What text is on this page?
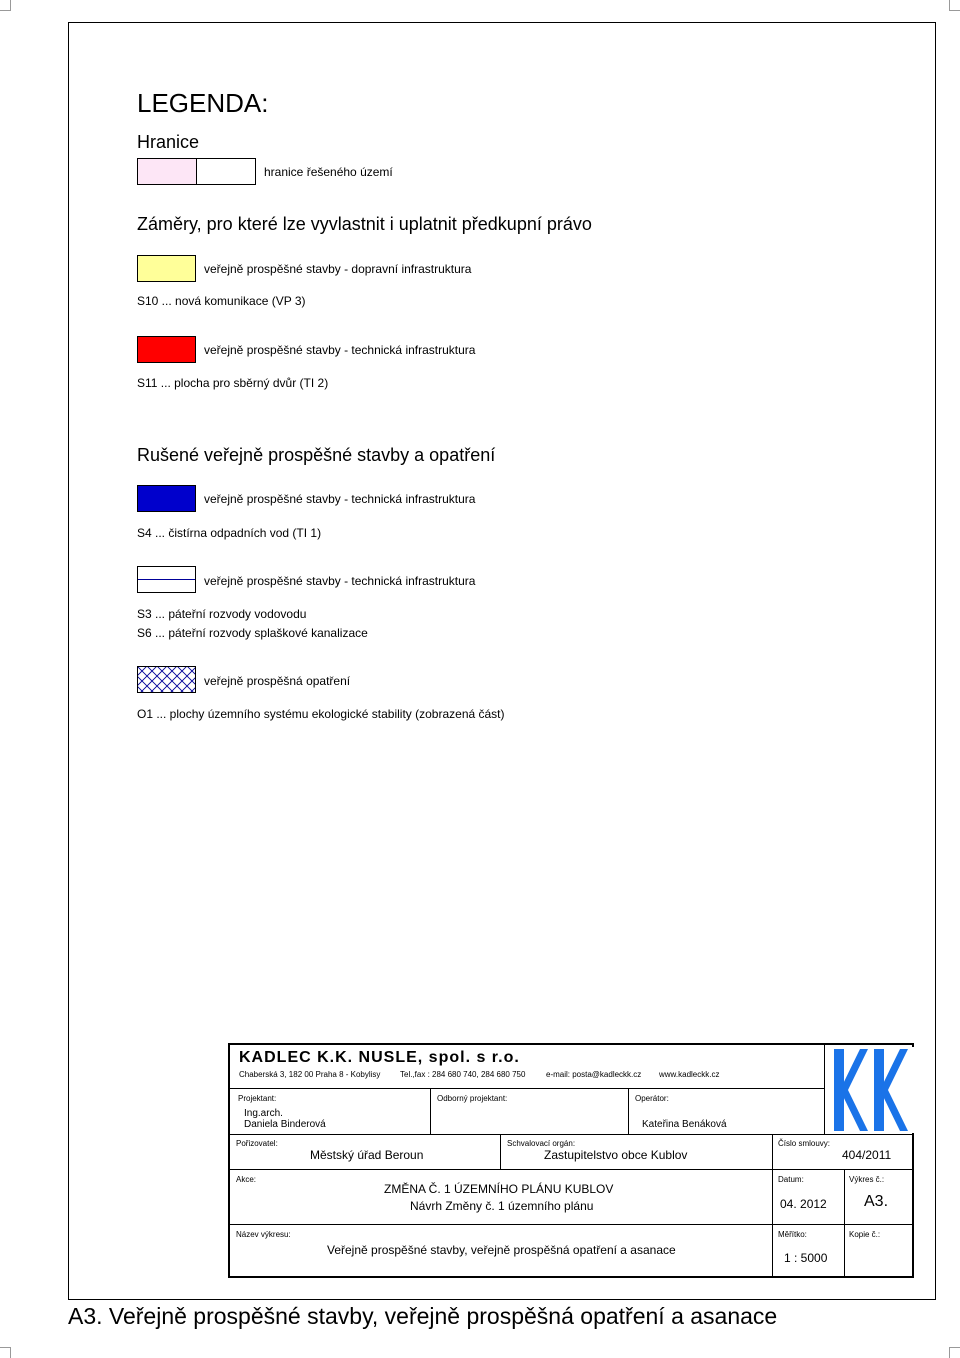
LEGENDA:
Hranice
hranice řešeného území
Záměry, pro které lze vyvlastnit i uplatnit předkupní právo
veřejně prospěšné stavby - dopravní infrastruktura
S10 ... nová komunikace (VP 3)
veřejně prospěšné stavby - technická infrastruktura
S11 ... plocha pro sběrný dvůr (TI 2)
Rušené veřejně prospěšné stavby a opatření
veřejně prospěšné stavby - technická infrastruktura
S4 ... čistírna odpadních vod (TI 1)
veřejně prospěšné stavby - technická infrastruktura
S3 ... páteřní rozvody vodovodu
S6 ... páteřní rozvody splaškové kanalizace
veřejně prospěšná opatření
O1 ... plochy územního systému ekologické stability (zobrazená část)
KADLEC K.K. NUSLE, spol. s r.o.
Chaberská 3, 182 00 Praha 8 - Kobylisy Tel.,fax : 284 680 740, 284 680 750	e-mail: posta@kadleckk.cz www.kadleckk.cz
Projektant:
Ing.arch.
Daniela Binderová
Odborný projektant:	Operátor:
Kateřina Benáková
Pořizovatel:
Městský úřad Beroun
Schvalovací orgán:
Zastupitelstvo obce Kublov
Číslo smlouvy:
404/2011
Akce:
ZMĚNA Č. 1 ÚZEMNÍHO PLÁNU KUBLOV
Návrh Změny č. 1 územního plánu
Datum:
04. 2012
Výkres č.:
A3.
Název výkresu:
Veřejně prospěšné stavby, veřejně prospěšná opatření a asanace
Měřítko:
1 : 5000
Kopie č.:
A3. Veřejně prospěšné stavby, veřejně prospěšná opatření a asanace
